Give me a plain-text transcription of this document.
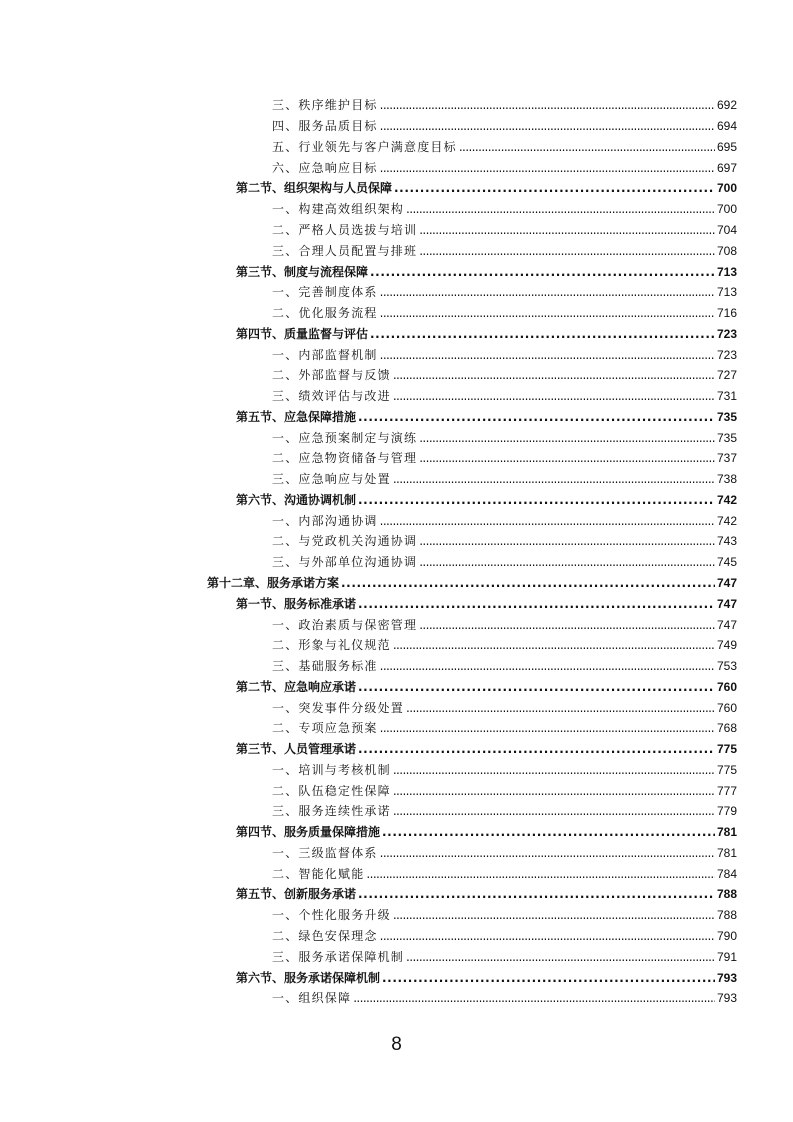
三、秩序维护目标 .....	692
四、服务品质目标 .....	694
五、行业领先与客户满意度目标 .....	695
六、应急响应目标 .....	697
第二节、组织架构与人员保障 .....	700
一、构建高效组织架构 .....	700
二、严格人员选拔与培训 .....	704
三、合理人员配置与排班 .....	708
第三节、制度与流程保障 .....	713
一、完善制度体系 .....	713
二、优化服务流程 .....	716
第四节、质量监督与评估 .....	723
一、内部监督机制 .....	723
二、外部监督与反馈 .....	727
三、绩效评估与改进 .....	731
第五节、应急保障措施 .....	735
一、应急预案制定与演练 .....	735
二、应急物资储备与管理 .....	737
三、应急响应与处置 .....	738
第六节、沟通协调机制 .....	742
一、内部沟通协调 .....	742
二、与党政机关沟通协调 .....	743
三、与外部单位沟通协调 .....	745
第十二章、服务承诺方案 .....	747
第一节、服务标准承诺 .....	747
一、政治素质与保密管理 .....	747
二、形象与礼仪规范 .....	749
三、基础服务标准 .....	753
第二节、应急响应承诺 .....	760
一、突发事件分级处置 .....	760
二、专项应急预案 .....	768
第三节、人员管理承诺 .....	775
一、培训与考核机制 .....	775
二、队伍稳定性保障 .....	777
三、服务连续性承诺 .....	779
第四节、服务质量保障措施 .....	781
一、三级监督体系 .....	781
二、智能化赋能 .....	784
第五节、创新服务承诺 .....	788
一、个性化服务升级 .....	788
二、绿色安保理念 .....	790
三、服务承诺保障机制 .....	791
第六节、服务承诺保障机制 .....	793
一、组织保障 .....	793
8
